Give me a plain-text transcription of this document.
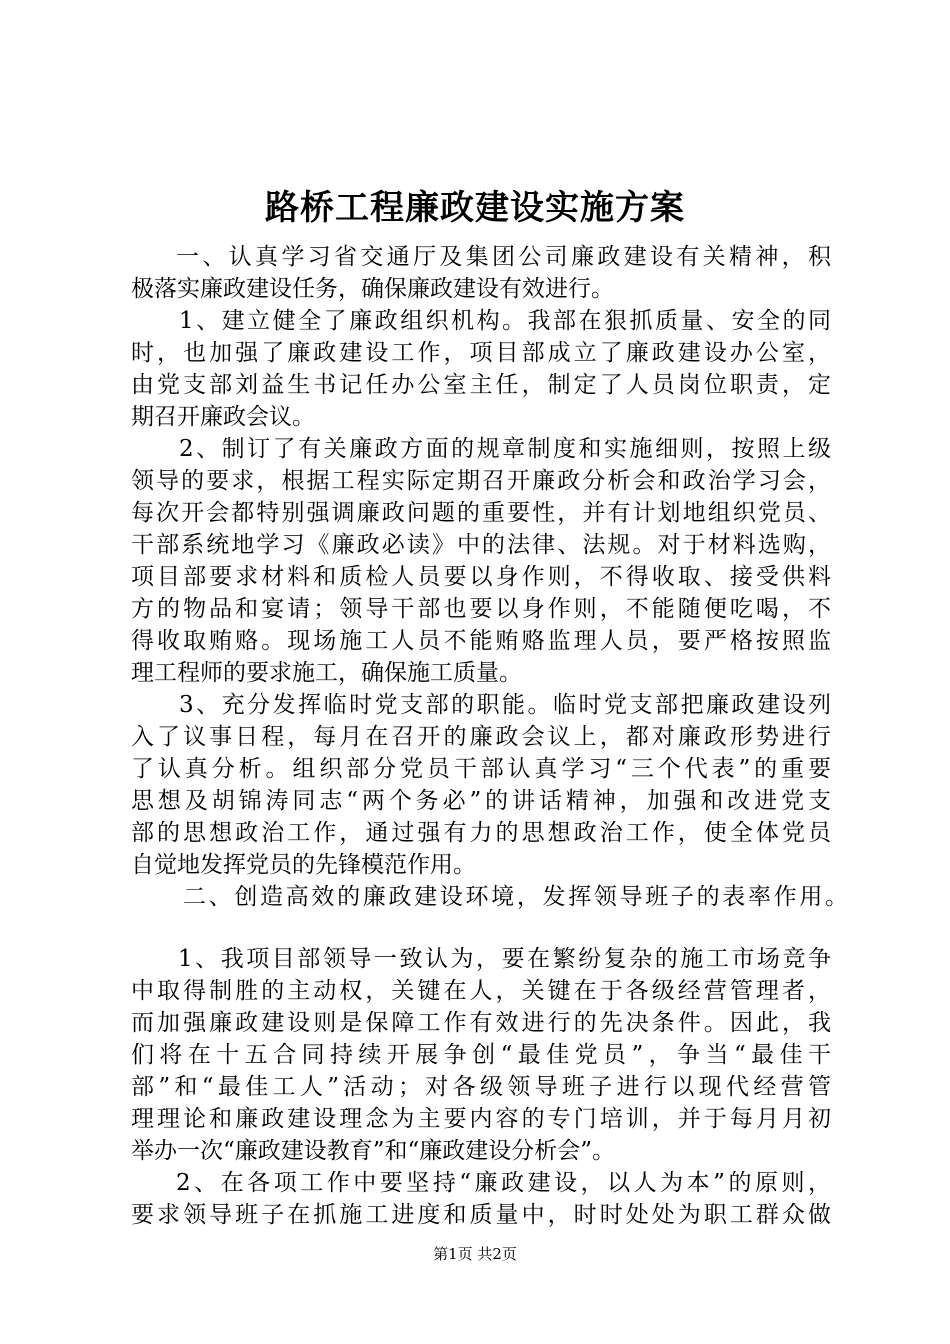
路桥工程廉政建设实施方案

一、认真学习省交通厅及集团公司廉政建设有关精神，积

极落实廉政建设任务，确保廉政建设有效进行。

1、建立健全了廉政组织机构。我部在狠抓质量、安全的同

时，也加强了廉政建设工作，项目部成立了廉政建设办公室，

由党支部刘益生书记任办公室主任，制定了人员岗位职责，定

期召开廉政会议。

2、制订了有关廉政方面的规章制度和实施细则，按照上级

领导的要求，根据工程实际定期召开廉政分析会和政治学习会，

每次开会都特别强调廉政问题的重要性，并有计划地组织党员、

干部系统地学习《廉政必读》中的法律、法规。对于材料选购，

项目部要求材料和质检人员要以身作则，不得收取、接受供料

方的物品和宴请；领导干部也要以身作则，不能随便吃喝，不

得收取贿赂。现场施工人员不能贿赂监理人员，要严格按照监

理工程师的要求施工，确保施工质量。

3、充分发挥临时党支部的职能。临时党支部把廉政建设列

入了议事日程，每月在召开的廉政会议上，都对廉政形势进行

了认真分析。组织部分党员干部认真学习“三个代表”的重要

思想及胡锦涛同志“两个务必”的讲话精神，加强和改进党支

部的思想政治工作，通过强有力的思想政治工作，使全体党员

自觉地发挥党员的先锋模范作用。

二、创造高效的廉政建设环境，发挥领导班子的表率作用。

1、我项目部领导一致认为，要在繁纷复杂的施工市场竞争

中取得制胜的主动权，关键在人，关键在于各级经营管理者，

而加强廉政建设则是保障工作有效进行的先决条件。因此，我

们将在十五合同持续开展争创“最佳党员”，争当“最佳干

部”和“最佳工人”活动；对各级领导班子进行以现代经营管

理理论和廉政建设理念为主要内容的专门培训，并于每月月初

举办一次“廉政建设教育”和“廉政建设分析会”。

2、在各项工作中要坚持“廉政建设，以人为本”的原则，

要求领导班子在抓施工进度和质量中，时时处处为职工群众做

第1页 共2页
